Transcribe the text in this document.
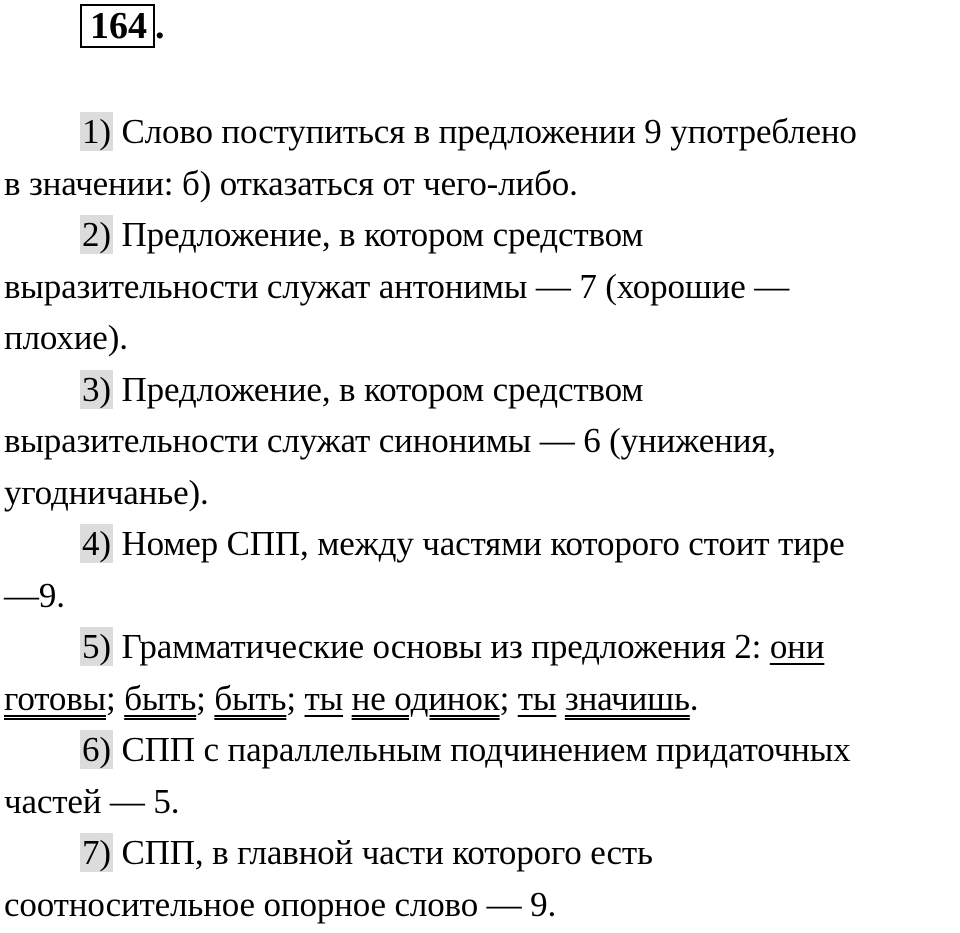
164 .

1) Слово поступиться в предложении 9 употреблено
в значении: б) отказаться от чего-либо.

2) Предложение, в котором средством
выразительности служат антонимы — 7 (хорошие —
плохие).

3) Предложение, в котором средством
выразительности служат синонимы — 6 (унижения,
угодничанье).

4) Номер СПП, между частями которого стоит тире
—9.

5) Грамматические основы из предложения 2: они
готовы; быть; быть; ты не одинок; ты значишь.

6) СПП с параллельным подчинением придаточных
частей — 5.

7) СПП, в главной части которого есть
соотносительное опорное слово — 9.
